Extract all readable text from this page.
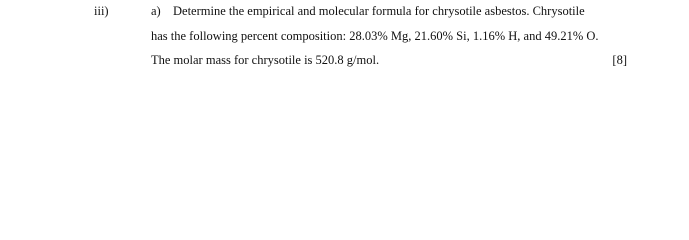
iii)	a) Determine the empirical and molecular formula for chrysotile asbestos. Chrysotile
has the following percent composition: 28.03% Mg, 21.60% Si, 1.16% H, and 49.21% O.
The molar mass for chrysotile is 520.8 g/mol.	[8]
